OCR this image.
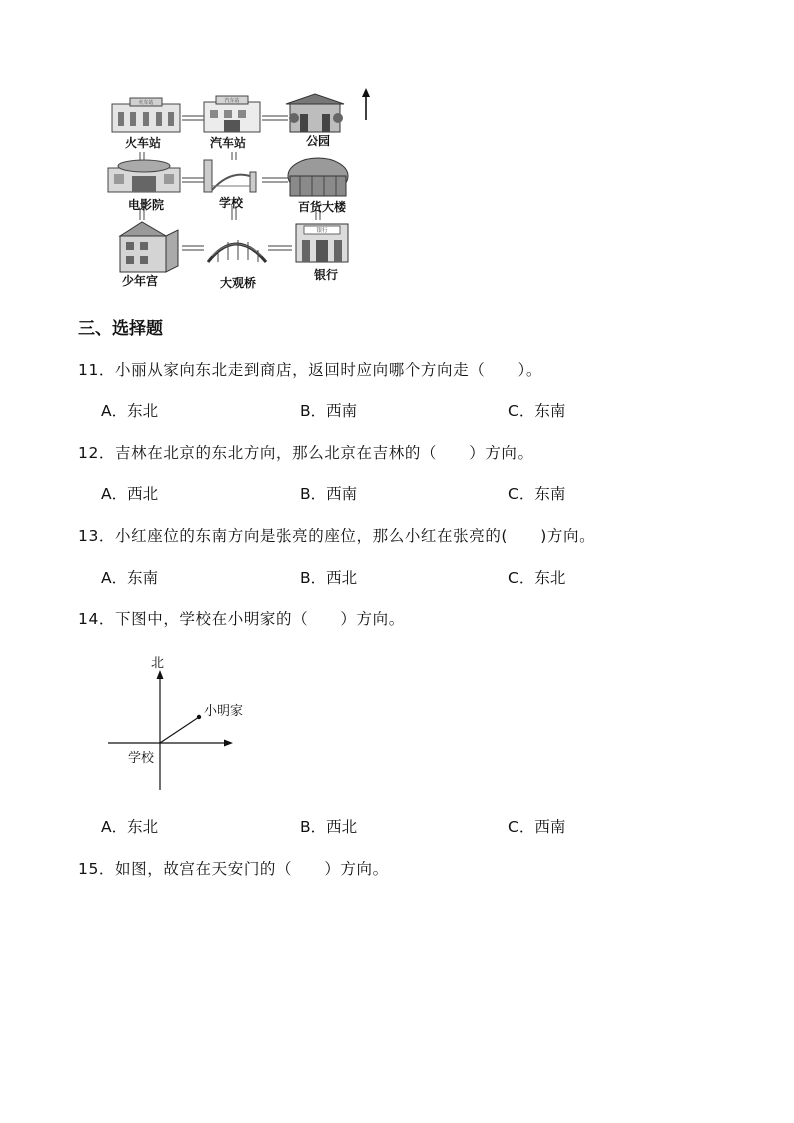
火车站	汽车站
银行
火车站	汽车站	公园
电影院	学校	百货大楼
少年宫	大观桥
银行
三、选择题
11．小丽从家向东北走到商店，返回时应向哪个方向走（　　）。
A．东北	B．西南	C．东南
12．吉林在北京的东北方向，那么北京在吉林的（　　）方向。
A．西北	B．西南	C．东南
13．小红座位的东南方向是张亮的座位，那么小红在张亮的(　　)方向。
A．东南	B．西北	C．东北
14．下图中，学校在小明家的（　　）方向。
北
小明家
学校
A．东北	B．西北	C．西南
15．如图，故宫在天安门的（　　）方向。
